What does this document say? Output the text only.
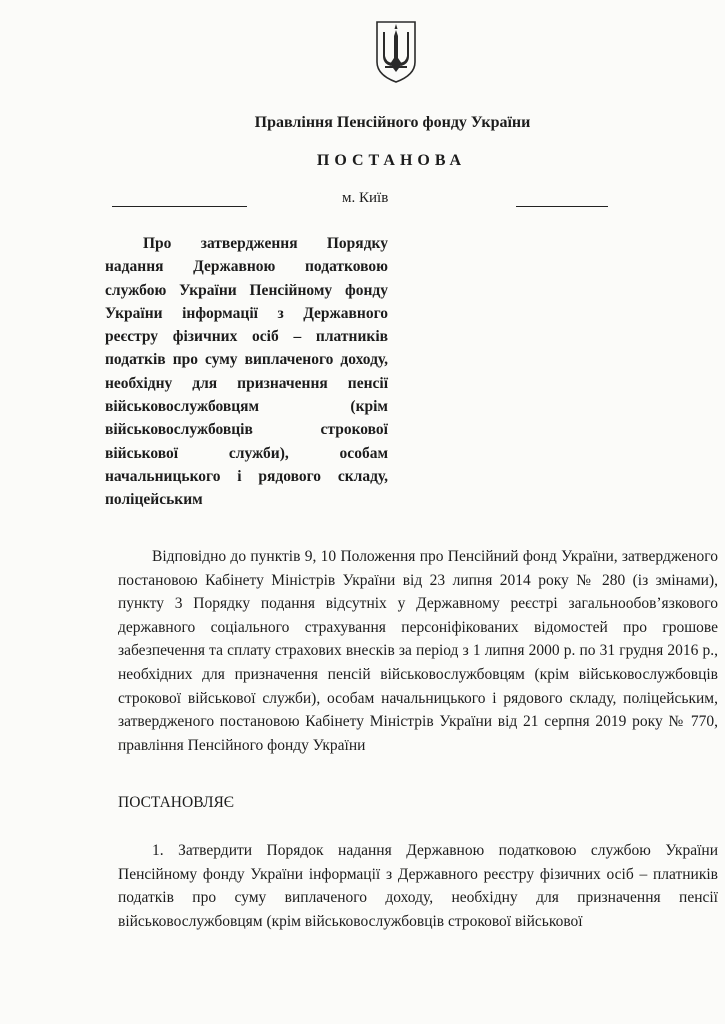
Правління Пенсійного фонду України
ПОСТАНОВА
м. Київ
Про затвердження Порядку надання Державною податковою службою України Пенсійному фонду України інформації з Державного реєстру фізичних осіб – платників податків про суму виплаченого доходу, необхідну для призначення пенсії військовослужбовцям (крім військовослужбовців строкової військової служби), особам начальницького і рядового складу, поліцейським
Відповідно до пунктів 9, 10 Положення про Пенсійний фонд України, затвердженого постановою Кабінету Міністрів України від 23 липня 2014 року № 280 (із змінами), пункту 3 Порядку подання відсутніх у Державному реєстрі загальнообов’язкового державного соціального страхування персоніфікованих відомостей про грошове забезпечення та сплату страхових внесків за період з 1 липня 2000 р. по 31 грудня 2016 р., необхідних для призначення пенсій військовослужбовцям (крім військовослужбовців строкової військової служби), особам начальницького і рядового складу, поліцейським, затвердженого постановою Кабінету Міністрів України від 21 серпня 2019 року № 770, правління Пенсійного фонду України
ПОСТАНОВЛЯЄ
1. Затвердити Порядок надання Державною податковою службою України Пенсійному фонду України інформації з Державного реєстру фізичних осіб – платників податків про суму виплаченого доходу, необхідну для призначення пенсії військовослужбовцям (крім військовослужбовців строкової військової
